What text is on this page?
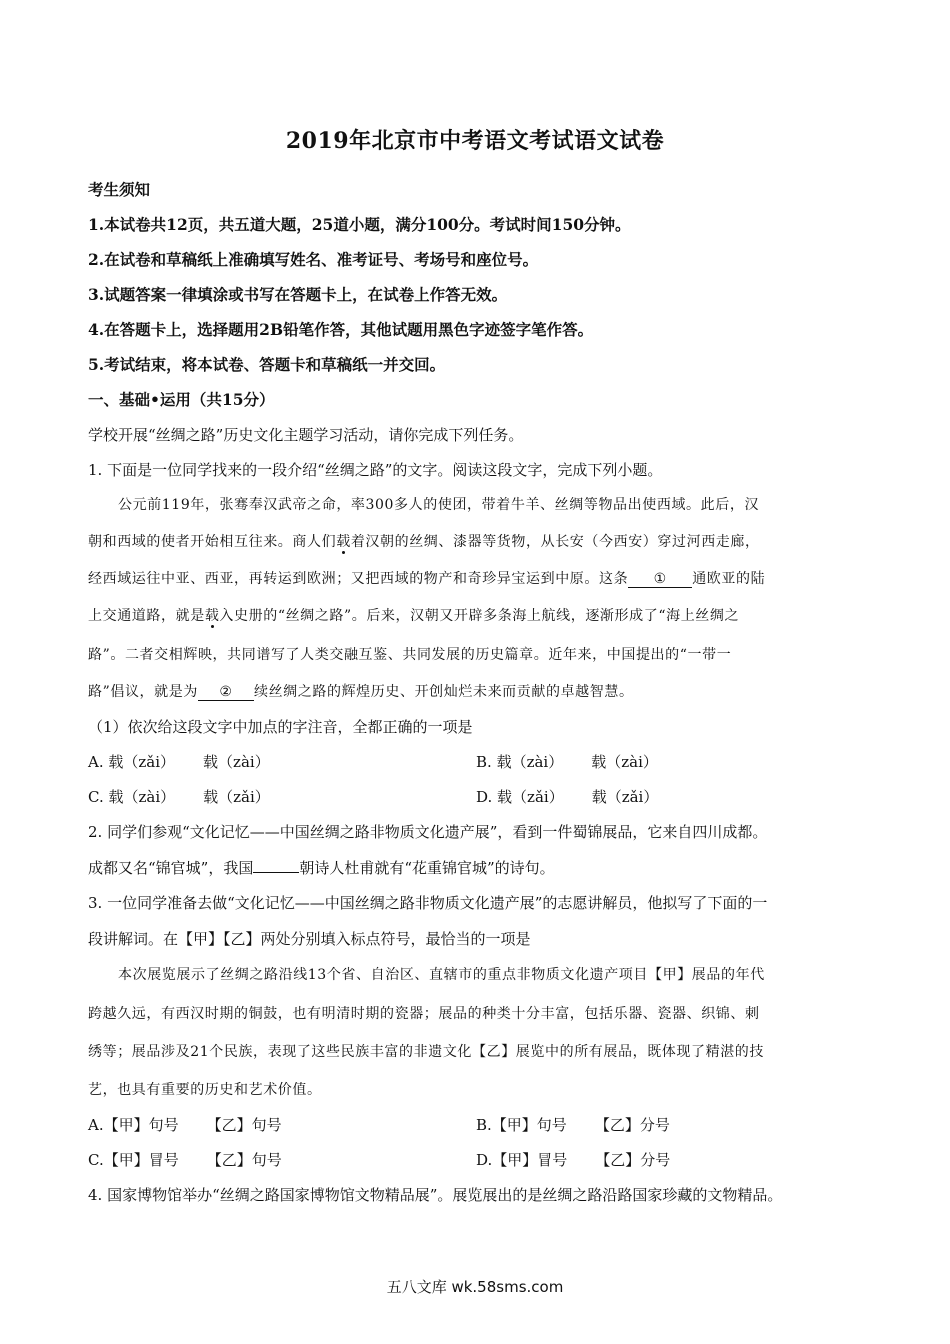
2019年北京市中考语文考试语文试卷
考生须知
1.本试卷共12页，共五道大题，25道小题，满分100分。考试时间150分钟。
2.在试卷和草稿纸上准确填写姓名、准考证号、考场号和座位号。
3.试题答案一律填涂或书写在答题卡上，在试卷上作答无效。
4.在答题卡上，选择题用2B铅笔作答，其他试题用黑色字迹签字笔作答。
5.考试结束，将本试卷、答题卡和草稿纸一并交回。
一、基础•运用（共15分）
学校开展“丝绸之路”历史文化主题学习活动，请你完成下列任务。
1. 下面是一位同学找来的一段介绍“丝绸之路”的文字。阅读这段文字，完成下列小题。
公元前119年，张骞奉汉武帝之命，率300多人的使团，带着牛羊、丝绸等物品出使西域。此后，汉
朝和西域的使者开始相互往来。商人们载着汉朝的丝绸、漆器等货物，从长安（今西安）穿过河西走廊，
经西域运往中亚、西亚，再转运到欧洲；又把西域的物产和奇珍异宝运到中原。这条 ① 通欧亚的陆
上交通道路，就是载入史册的“丝绸之路”。后来，汉朝又开辟多条海上航线，逐渐形成了“海上丝绸之
路”。二者交相辉映，共同谱写了人类交融互鉴、共同发展的历史篇章。近年来，中国提出的“一带一
路”倡议，就是为 ② 续丝绸之路的辉煌历史、开创灿烂未来而贡献的卓越智慧。
（1）依次给这段文字中加点的字注音，全都正确的一项是
A. 载（zǎi） 载（zài）	B. 载（zài） 载（zài）
C. 载（zài） 载（zǎi）	D. 载（zǎi） 载（zǎi）
2. 同学们参观“文化记忆——中国丝绸之路非物质文化遗产展”，看到一件蜀锦展品，它来自四川成都。
成都又名“锦官城”，我国	朝诗人杜甫就有“花重锦官城”的诗句。
3. 一位同学准备去做“文化记忆——中国丝绸之路非物质文化遗产展”的志愿讲解员，他拟写了下面的一
段讲解词。在【甲】【乙】两处分别填入标点符号，最恰当的一项是
本次展览展示了丝绸之路沿线13个省、自治区、直辖市的重点非物质文化遗产项目【甲】展品的年代
跨越久远，有西汉时期的铜鼓，也有明清时期的瓷器；展品的种类十分丰富，包括乐器、瓷器、织锦、刺
绣等；展品涉及21个民族，表现了这些民族丰富的非遗文化【乙】展览中的所有展品，既体现了精湛的技
艺，也具有重要的历史和艺术价值。
A.【甲】句号 【乙】句号	B.【甲】句号 【乙】分号
C.【甲】冒号 【乙】句号	D.【甲】冒号 【乙】分号
4. 国家博物馆举办“丝绸之路国家博物馆文物精品展”。展览展出的是丝绸之路沿路国家珍藏的文物精品。
五八文库 wk.58sms.com
